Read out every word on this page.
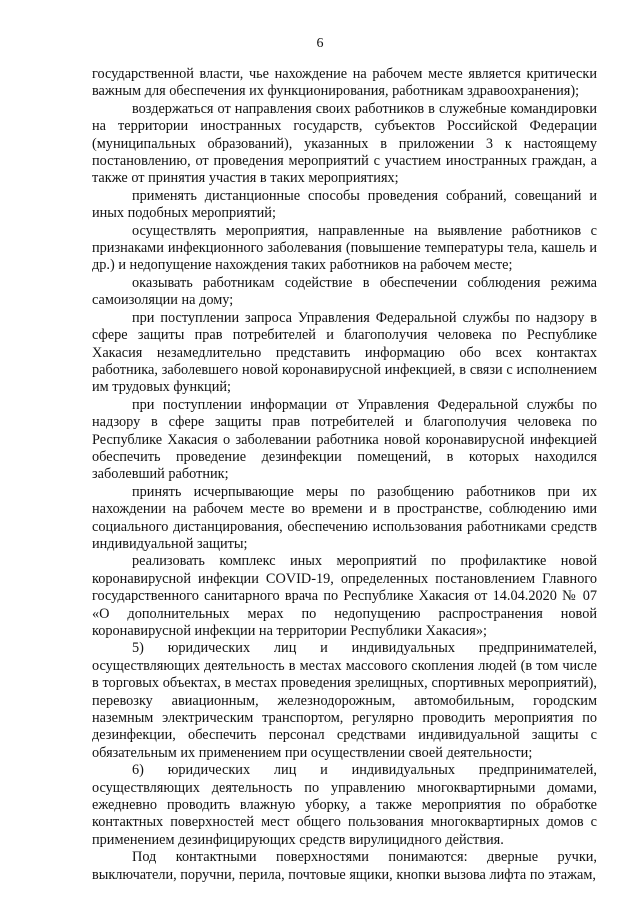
6

государственной власти, чье нахождение на рабочем месте является критически важным для обеспечения их функционирования, работникам здравоохранения);

воздержаться от направления своих работников в служебные командировки на территории иностранных государств, субъектов Российской Федерации (муниципальных образований), указанных в приложении 3 к настоящему постановлению, от проведения мероприятий с участием иностранных граждан, а также от принятия участия в таких мероприятиях;

применять дистанционные способы проведения собраний, совещаний и иных подобных мероприятий;

осуществлять мероприятия, направленные на выявление работников с признаками инфекционного заболевания (повышение температуры тела, кашель и др.) и недопущение нахождения таких работников на рабочем месте;

оказывать работникам содействие в обеспечении соблюдения режима самоизоляции на дому;

при поступлении запроса Управления Федеральной службы по надзору в сфере защиты прав потребителей и благополучия человека по Республике Хакасия незамедлительно представить информацию обо всех контактах работника, заболевшего новой коронавирусной инфекцией, в связи с исполнением им трудовых функций;

при поступлении информации от Управления Федеральной службы по надзору в сфере защиты прав потребителей и благополучия человека по Республике Хакасия о заболевании работника новой коронавирусной инфекцией обеспечить проведение дезинфекции помещений, в которых находился заболевший работник;

принять исчерпывающие меры по разобщению работников при их нахождении на рабочем месте во времени и в пространстве, соблюдению ими социального дистанцирования, обеспечению использования работниками средств индивидуальной защиты;

реализовать комплекс иных мероприятий по профилактике новой коронавирусной инфекции COVID-19, определенных постановлением Главного государственного санитарного врача по Республике Хакасия от 14.04.2020 № 07 «О дополнительных мерах по недопущению распространения новой коронавирусной инфекции на территории Республики Хакасия»;

5) юридических лиц и индивидуальных предпринимателей, осуществляющих деятельность в местах массового скопления людей (в том числе в торговых объектах, в местах проведения зрелищных, спортивных мероприятий), перевозку авиационным, железнодорожным, автомобильным, городским наземным электрическим транспортом, регулярно проводить мероприятия по дезинфекции, обеспечить персонал средствами индивидуальной защиты с обязательным их применением при осуществлении своей деятельности;

6) юридических лиц и индивидуальных предпринимателей, осуществляющих деятельность по управлению многоквартирными домами, ежедневно проводить влажную уборку, а также мероприятия по обработке контактных поверхностей мест общего пользования многоквартирных домов с применением дезинфицирующих средств вирулицидного действия.

Под контактными поверхностями понимаются: дверные ручки, выключатели, поручни, перила, почтовые ящики, кнопки вызова лифта по этажам,
